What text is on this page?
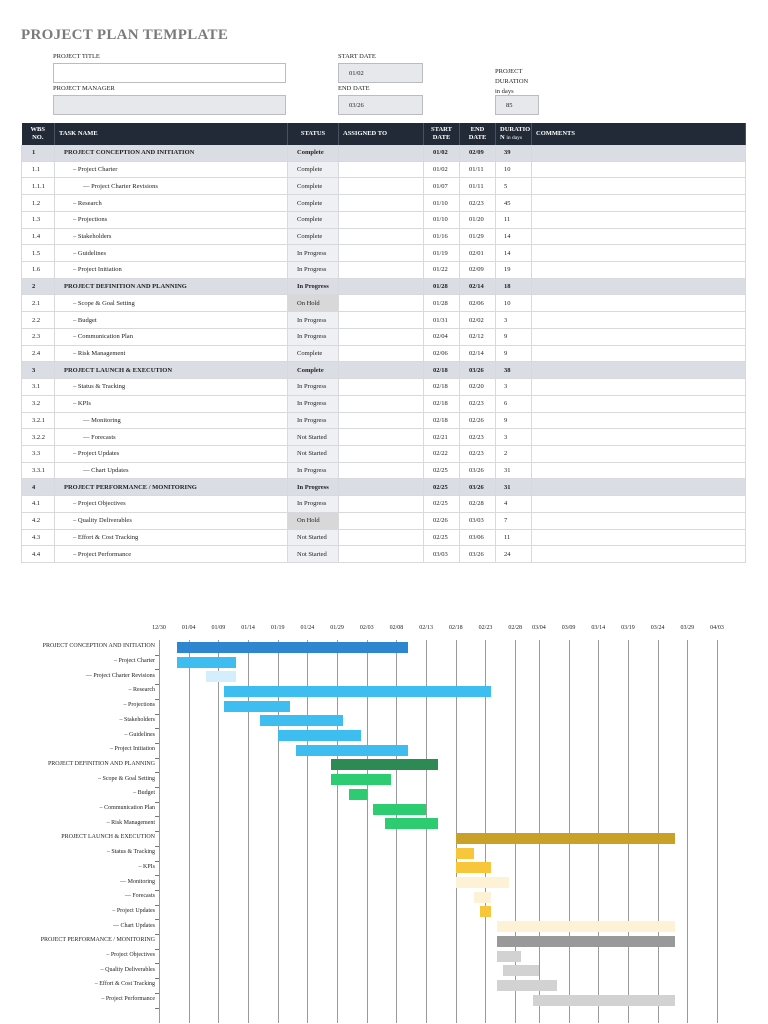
PROJECT PLAN TEMPLATE
PROJECT TITLE
PROJECT MANAGER
START DATE
01/02
END DATE
03/26
PROJECT
DURATION
in days
85
WBS
NO.	TASK NAME	STATUS	ASSIGNED TO	START
DATE	END
DATE	DURATIO
N in days	COMMENTS
1	PROJECT CONCEPTION AND INITIATION	Complete		01/02	02/09	39	
1.1	– Project Charter	Complete		01/02	01/11	10	
1.1.1	–– Project Charter Revisions	Complete		01/07	01/11	5	
1.2	– Research	Complete		01/10	02/23	45	
1.3	– Projections	Complete		01/10	01/20	11	
1.4	– Stakeholders	Complete		01/16	01/29	14	
1.5	– Guidelines	In Progress		01/19	02/01	14	
1.6	– Project Initiation	In Progress		01/22	02/09	19	
2	PROJECT DEFINITION AND PLANNING	In Progress		01/28	02/14	18	
2.1	– Scope & Goal Setting	On Hold		01/28	02/06	10	
2.2	– Budget	In Progress		01/31	02/02	3	
2.3	– Communication Plan	In Progress		02/04	02/12	9	
2.4	– Risk Management	Complete		02/06	02/14	9	
3	PROJECT LAUNCH & EXECUTION	Complete		02/18	03/26	38	
3.1	– Status & Tracking	In Progress		02/18	02/20	3	
3.2	– KPIs	In Progress		02/18	02/23	6	
3.2.1	–– Monitoring	In Progress		02/18	02/26	9	
3.2.2	–– Forecasts	Not Started		02/21	02/23	3	
3.3	– Project Updates	Not Started		02/22	02/23	2	
3.3.1	–– Chart Updates	In Progress		02/25	03/26	31	
4	PROJECT PERFORMANCE / MONITORING	In Progress		02/25	03/26	31	
4.1	– Project Objectives	In Progress		02/25	02/28	4	
4.2	– Quality Deliverables	On Hold		02/26	03/03	7	
4.3	– Effort & Cost Tracking	Not Started		02/25	03/06	11	
4.4	– Project Performance	Not Started		03/03	03/26	24	
12/30	01/04	01/09	01/14	01/19	01/24	01/29	02/03	02/08	02/13	02/18	02/23	02/28 03/04	03/09	03/14	03/19	03/24	03/29	04/03
PROJECT CONCEPTION AND INITIATION
– Project Charter
–– Project Charter Revisions
– Research
– Projections
– Stakeholders
– Guidelines
– Project Initiation
PROJECT DEFINITION AND PLANNING
– Scope & Goal Setting
– Budget
– Communication Plan
– Risk Management
PROJECT LAUNCH & EXECUTION
– Status & Tracking
– KPIs
–– Monitoring
–– Forecasts
– Project Updates
–– Chart Updates
PROJECT PERFORMANCE / MONITORING
– Project Objectives
– Quality Deliverables
– Effort & Cost Tracking
– Project Performance
